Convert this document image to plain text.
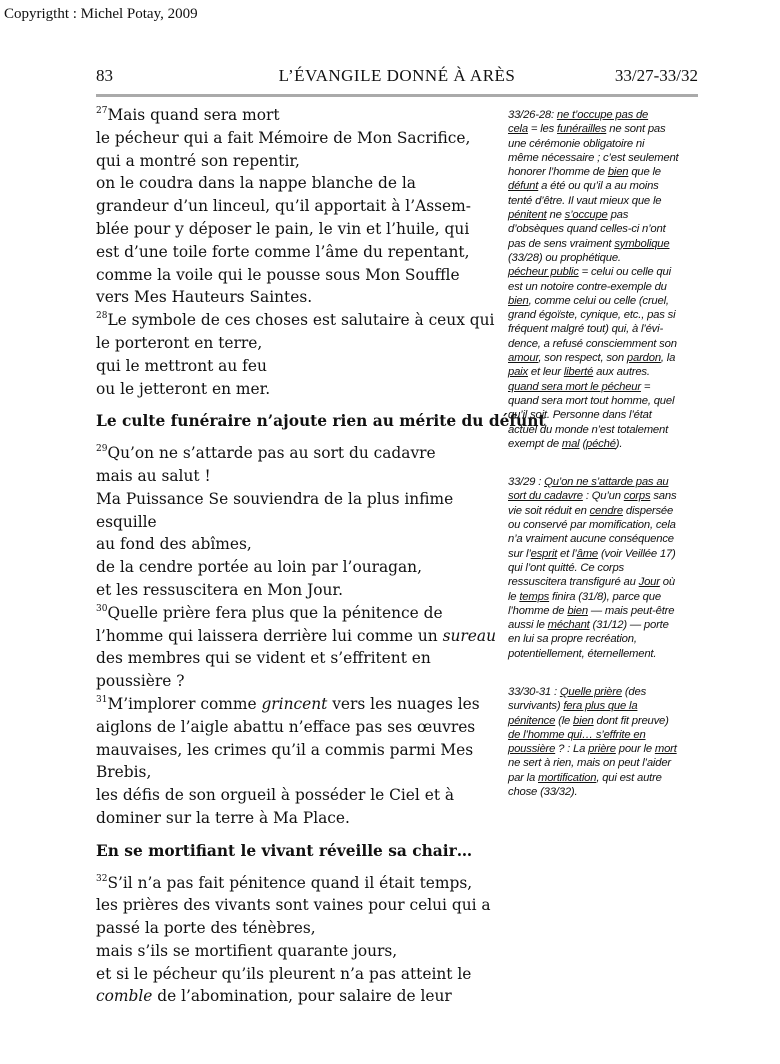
Copyrigtht : Michel Potay, 2009
83	L’ÉVANGILE DONNÉ À ARÈS	33/27-33/32
$^{27}$Mais quand sera mort
le pécheur qui a fait Mémoire de Mon Sacrifice,
qui a montré son repentir,
on le coudra dans la nappe blanche de la
grandeur d’un linceul, qu’il apportait à l’Assem-
blée pour y déposer le pain, le vin et l’huile, qui
est d’une toile forte comme l’âme du repentant,
comme la voile qui le pousse sous Mon Souffle
vers Mes Hauteurs Saintes.
$^{28}$Le symbole de ces choses est salutaire à ceux qui
le porteront en terre,
qui le mettront au feu
ou le jetteront en mer.
Le culte funéraire n’ajoute rien au mérite du défunt
$^{29}$Qu’on ne s’attarde pas au sort du cadavre
mais au salut !
Ma Puissance Se souviendra de la plus infime
esquille
au fond des abîmes,
de la cendre portée au loin par l’ouragan,
et les ressuscitera en Mon Jour.
$^{30}$Quelle prière fera plus que la pénitence de
l’homme qui laissera derrière lui comme un sureau
des membres qui se vident et s’effritent en
poussière ?
$^{31}$M’implorer comme grincent vers les nuages les
aiglons de l’aigle abattu n’efface pas ses œuvres
mauvaises, les crimes qu’il a commis parmi Mes
Brebis,
les défis de son orgueil à posséder le Ciel et à
dominer sur la terre à Ma Place.
En se mortifiant le vivant réveille sa chair…
$^{32}$S’il n’a pas fait pénitence quand il était temps,
les prières des vivants sont vaines pour celui qui a
passé la porte des ténèbres,
mais s’ils se mortifient quarante jours,
et si le pécheur qu’ils pleurent n’a pas atteint le
comble de l’abomination, pour salaire de leur
33/26-28: ne t’occupe pas de
cela = les funérailles ne sont pas
une cérémonie obligatoire ni
même nécessaire ; c’est seulement
honorer l’homme de bien que le
défunt a été ou qu’il a au moins
tenté d’être. Il vaut mieux que le
pénitent ne s’occupe pas
d’obsèques quand celles-ci n’ont
pas de sens vraiment symbolique
(33/28) ou prophétique.
pécheur public = celui ou celle qui
est un notoire contre-exemple du
bien, comme celui ou celle (cruel,
grand égoïste, cynique, etc., pas si
fréquent malgré tout) qui, à l’évi-
dence, a refusé consciemment son
amour, son respect, son pardon, la
paix et leur liberté aux autres.
quand sera mort le pécheur =
quand sera mort tout homme, quel
qu’il soit. Personne dans l’état
actuel du monde n’est totalement
exempt de mal (péché).
33/29 : Qu’on ne s’attarde pas au
sort du cadavre : Qu’un corps sans
vie soit réduit en cendre dispersée
ou conservé par momification, cela
n’a vraiment aucune conséquence
sur l’esprit et l’âme (voir Veillée 17)
qui l’ont quitté. Ce corps
ressuscitera transfiguré au Jour où
le temps finira (31/8), parce que
l’homme de bien — mais peut-être
aussi le méchant (31/12) — porte
en lui sa propre recréation,
potentiellement, éternellement.
33/30-31 : Quelle prière (des
survivants) fera plus que la
pénitence (le bien dont fit preuve)
de l’homme qui… s’effrite en
poussière ? : La prière pour le mort
ne sert à rien, mais on peut l’aider
par la mortification, qui est autre
chose (33/32).
